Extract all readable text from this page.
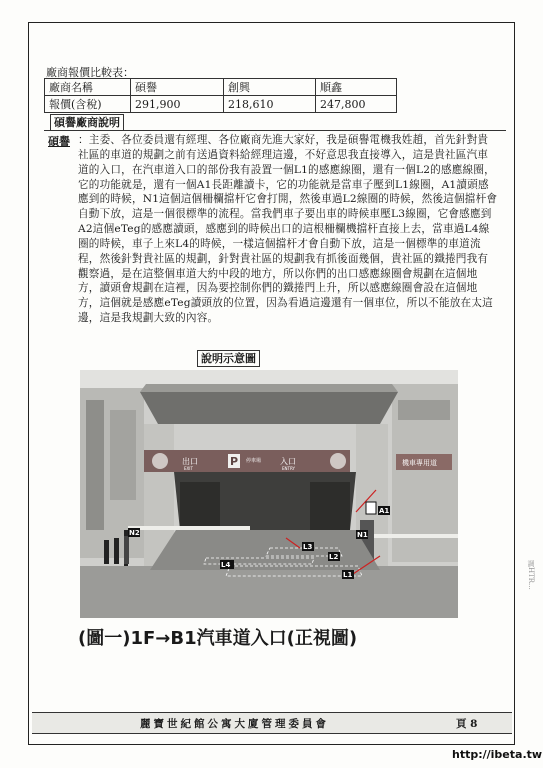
廠商報價比較表：
廠商名稱	碩譽	創興	順鑫
報價(含稅)	291,900	218,610	247,800
碩譽廠商說明
碩譽 ：主委、各位委員還有經理、各位廠商先進大家好，我是碩譽電機我姓趙，首先針對貴社區的車道的規劃之前有送過資料給經理這邊，不好意思我直接導入，這是貴社區汽車道的入口，在汽車道入口的部份我有設置一個L1的感應線圈，還有一個L2的感應線圈，它的功能就是，還有一個A1長距離讀卡，它的功能就是當車子壓到L1線圈，A1讀頭感應到的時候，N1這個這個柵欄擋杆它會打開，然後車過L2線圈的時候，然後這個擋杆會自動下放，這是一個很標準的流程。當我們車子要出車的時候車壓L3線圈，它會感應到A2這個eTeg的感應讀頭，感應到的時候出口的這根柵欄機擋杆直接上去，當車過L4線圈的時候，車子上來L4的時候，一樣這個擋杆才會自動下放，這是一個標準的車道流程，然後針對貴社區的規劃，針對貴社區的規劃我有抓後面幾個，貴社區的鐵捲門我有觀察過，是在這整個車道大約中段的地方，所以你們的出口感應線圈會規劃在這個地方，讀頭會規劃在這裡，因為要控制你們的鐵捲門上升，所以感應線圈會設在這個地方，這個就是感應eTeg讀頭放的位置，因為看過這邊還有一個車位，所以不能放在太這邊，這是我規劃大致的內容。
說明示意圖
P
出口
EXIT
停車場 入口
ENTRY
機車專用道
A1
N1
N2
L1
L2
L3
L4
(圖一)1F→B1汽車道入口(正視圖)
麗寶世紀館公寓大廈管理委員會	頁 8
調HTR...
http://ibeta.tw
